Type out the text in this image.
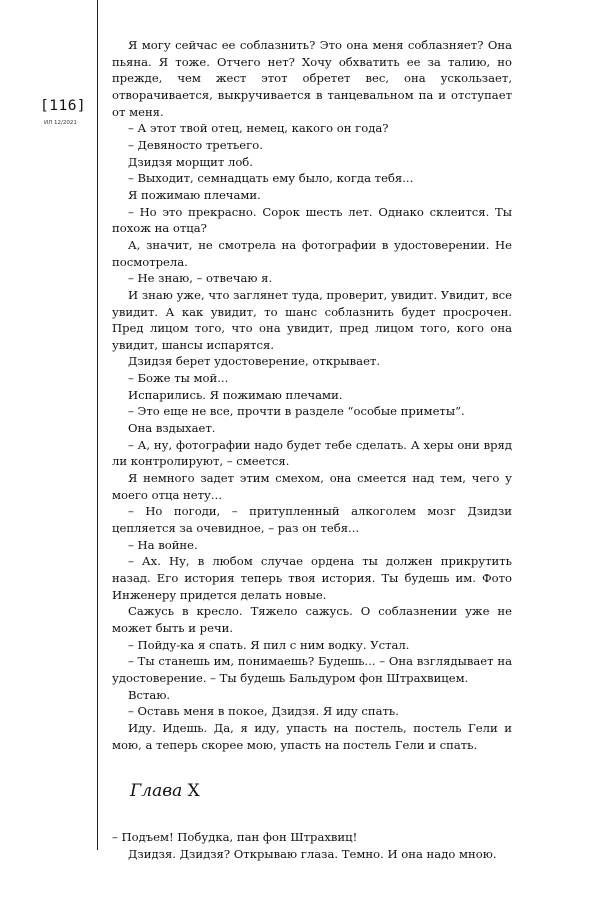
[116]
ИЛ 12/2021

Я могу сейчас ее соблазнить? Это она меня соблазняет? Она пьяна. Я тоже. Отчего нет? Хочу обхватить ее за талию, но прежде, чем жест этот обретет вес, она ускользает, отворачивается, выкручивается в танцевальном па и отступает от меня.

– А этот твой отец, немец, какого он года?

– Девяносто третьего.

Дзидзя морщит лоб.

– Выходит, семнадцать ему было, когда тебя...

Я пожимаю плечами.

– Но это прекрасно. Сорок шесть лет. Однако склеится. Ты похож на отца?

А, значит, не смотрела на фотографии в удостоверении. Не посмотрела.

– Не знаю, – отвечаю я.

И знаю уже, что заглянет туда, проверит, увидит. Увидит, все увидит. А как увидит, то шанс соблазнить будет просрочен. Пред лицом того, что она увидит, пред лицом того, кого она увидит, шансы испарятся.

Дзидзя берет удостоверение, открывает.

– Боже ты мой...

Испарились. Я пожимаю плечами.

– Это еще не все, прочти в разделе “особые приметы”.

Она вздыхает.

– А, ну, фотографии надо будет тебе сделать. А херы они вряд ли контролируют, – смеется.

Я немного задет этим смехом, она смеется над тем, чего у моего отца нету...

– Но погоди, – притупленный алкоголем мозг Дзидзи цепляется за очевидное, – раз он тебя...

– На войне.

– Ах. Ну, в любом случае ордена ты должен прикрутить назад. Его история теперь твоя история. Ты будешь им. Фото Инженеру придется делать новые.

Сажусь в кресло. Тяжело сажусь. О соблазнении уже не может быть и речи.

– Пойду-ка я спать. Я пил с ним водку. Устал.

– Ты станешь им, понимаешь? Будешь... – Она взглядывает на удостоверение. – Ты будешь Бальдуром фон Штрахвицем.

Встаю.

– Оставь меня в покое, Дзидзя. Я иду спать.

Иду. Идешь. Да, я иду, упасть на постель, постель Гели и мою, а теперь скорее мою, упасть на постель Гели и спать.

Глава X

– Подъем! Побудка, пан фон Штрахвиц!

Дзидзя. Дзидзя? Открываю глаза. Темно. И она надо мною.
